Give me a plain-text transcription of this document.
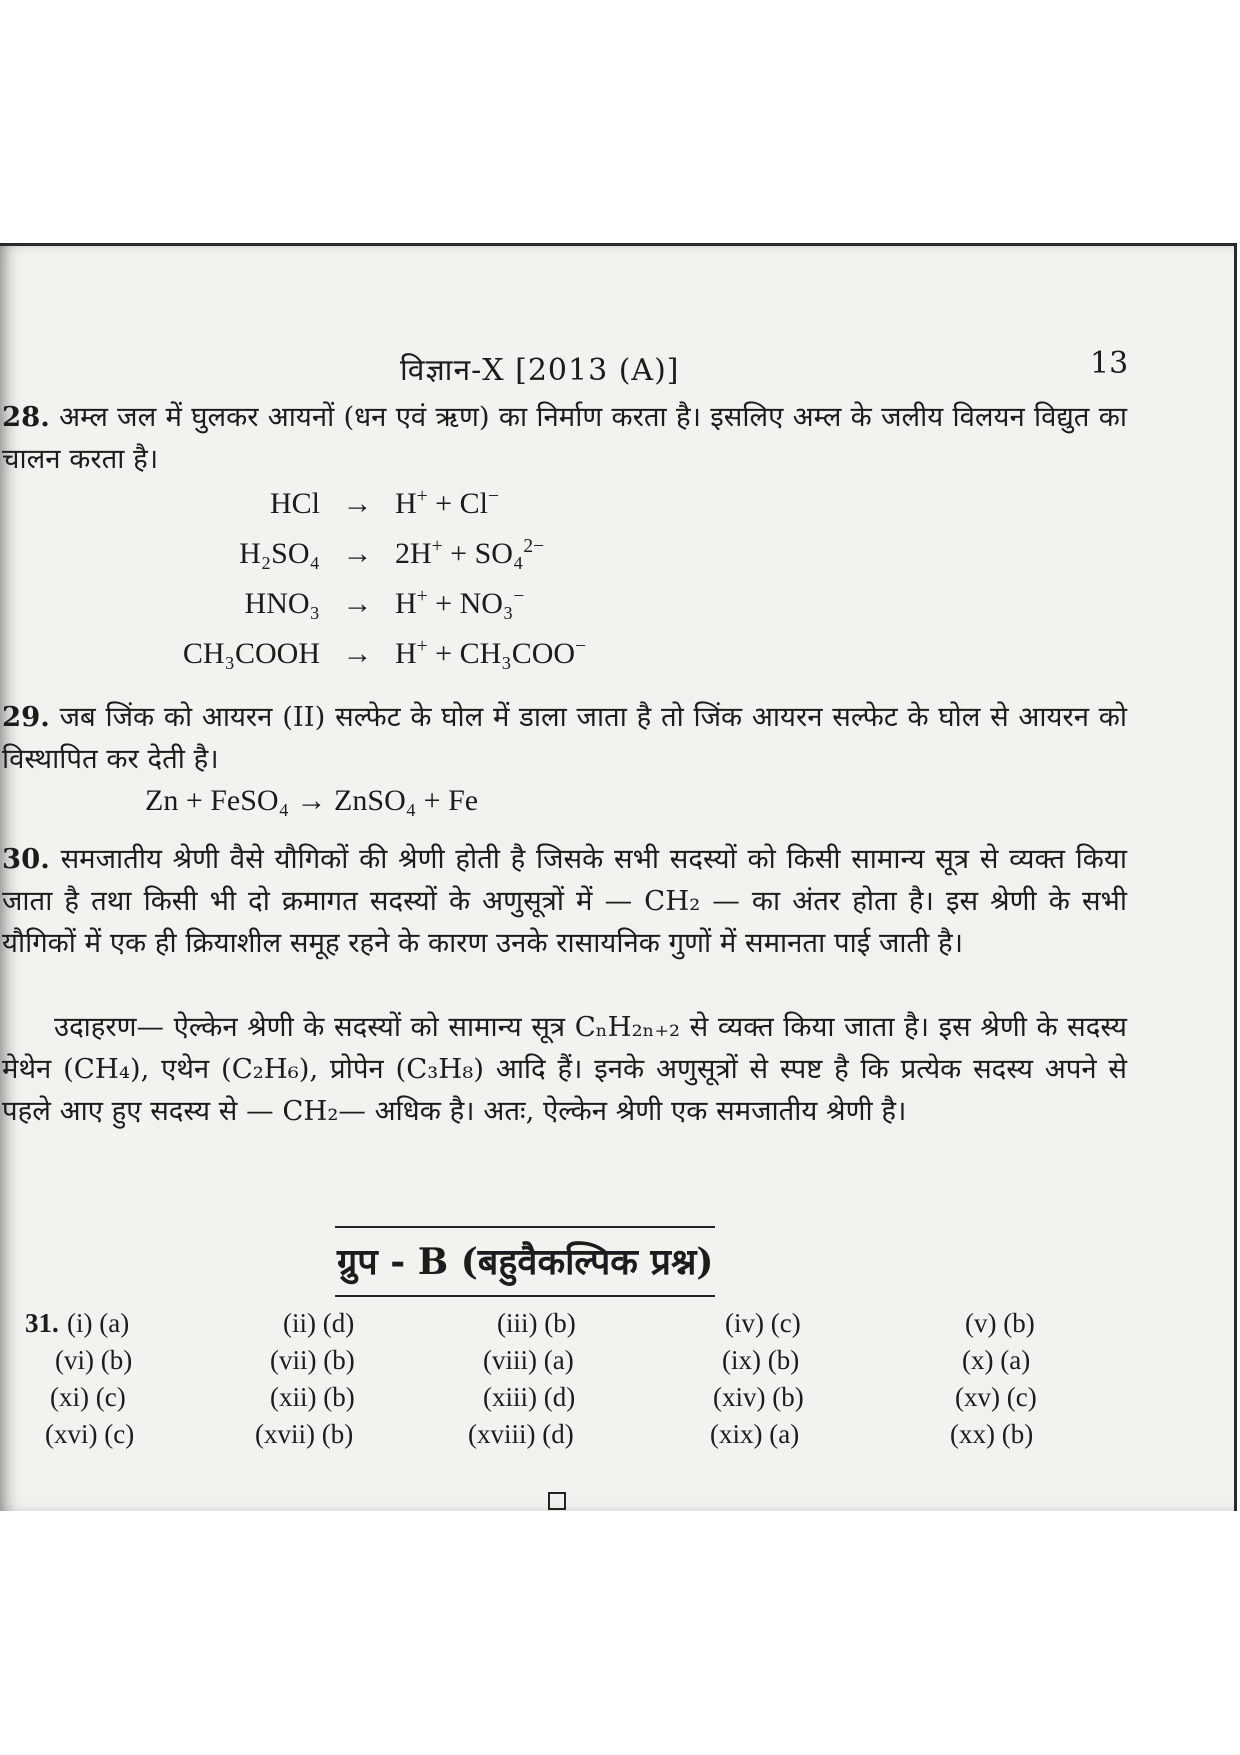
विज्ञान-X [2013 (A)]	13
28. अम्ल जल में घुलकर आयनों (धन एवं ऋण) का निर्माण करता है। इसलिए अम्ल के जलीय विलयन विद्युत का चालन करता है।
HCl → H+ + Cl−
H₂SO₄ → 2H+ + SO₄$^{2-}$
HNO₃ → H+ + NO₃−
CH₃COOH → H+ + CH₃COO−
29. जब जिंक को आयरन (II) सल्फेट के घोल में डाला जाता है तो जिंक आयरन सल्फेट के घोल से आयरन को विस्थापित कर देती है।
Zn + FeSO₄ → ZnSO₄ + Fe
30. समजातीय श्रेणी वैसे यौगिकों की श्रेणी होती है जिसके सभी सदस्यों को किसी सामान्य सूत्र से व्यक्त किया जाता है तथा किसी भी दो क्रमागत सदस्यों के अणुसूत्रों में — CH₂ — का अंतर होता है। इस श्रेणी के सभी यौगिकों में एक ही क्रियाशील समूह रहने के कारण उनके रासायनिक गुणों में समानता पाई जाती है।
उदाहरण— ऐल्केन श्रेणी के सदस्यों को सामान्य सूत्र CₙH₂ₙ₊₂ से व्यक्त किया जाता है। इस श्रेणी के सदस्य मेथेन (CH₄), एथेन (C₂H₆), प्रोपेन (C₃H₈) आदि हैं। इनके अणुसूत्रों से स्पष्ट है कि प्रत्येक सदस्य अपने से पहले आए हुए सदस्य से — CH₂— अधिक है। अतः, ऐल्केन श्रेणी एक समजातीय श्रेणी है।
ग्रुप - B (बहुवैकल्पिक प्रश्न)
31. (i) (a)	(ii) (d)	(iii) (b)	(iv) (c)	(v) (b)
(vi) (b)	(vii) (b)	(viii) (a)	(ix) (b)	(x) (a)
(xi) (c)	(xii) (b)	(xiii) (d)	(xiv) (b)	(xv) (c)
(xvi) (c)	(xvii) (b)	(xviii) (d)	(xix) (a)	(xx) (b)
